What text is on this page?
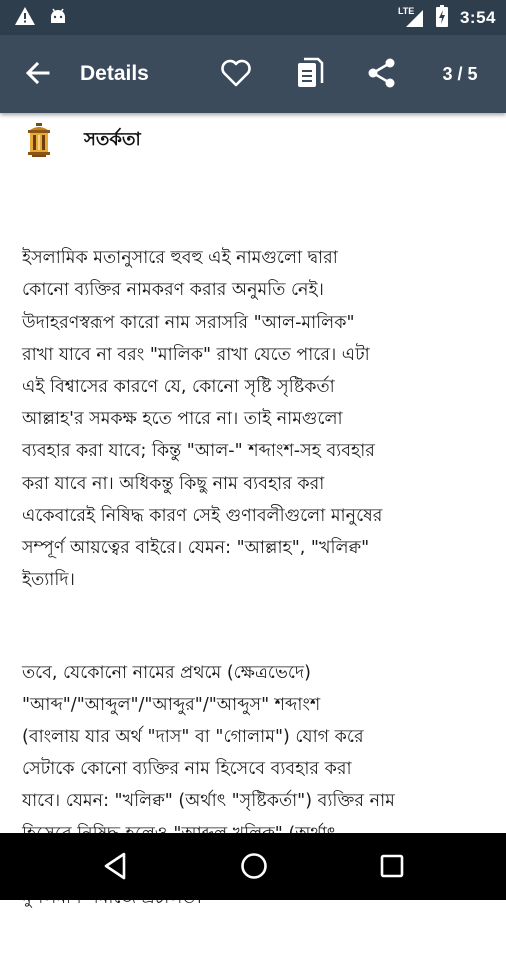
LTE	3:54
Details	3 / 5
সতর্কতা

ইসলামিক মতানুসারে হুবহু এই নামগুলো দ্বারা
কোনো ব্যক্তির নামকরণ করার অনুমতি নেই।
উদাহরণস্বরূপ কারো নাম সরাসরি "আল-মালিক"
রাখা যাবে না বরং "মালিক" রাখা যেতে পারে। এটা
এই বিশ্বাসের কারণে যে, কোনো সৃষ্টি সৃষ্টিকর্তা
আল্লাহ'র সমকক্ষ হতে পারে না। তাই নামগুলো
ব্যবহার করা যাবে; কিন্তু "আল-" শব্দাংশ-সহ ব্যবহার
করা যাবে না। অধিকন্তু কিছু নাম ব্যবহার করা
একেবারেই নিষিদ্ধ কারণ সেই গুণাবলীগুলো মানুষের
সম্পূর্ণ আয়ত্বের বাইরে। যেমন: "আল্লাহ", "খলিক্ব"
ইত্যাদি।

তবে, যেকোনো নামের প্রথমে (ক্ষেত্রভেদে)
"আব্দ"/"আব্দুল"/"আব্দুর"/"আব্দুস" শব্দাংশ
(বাংলায় যার অর্থ "দাস" বা "গোলাম") যোগ করে
সেটাকে কোনো ব্যক্তির নাম হিসেবে ব্যবহার করা
যাবে। যেমন: "খলিক্ব" (অর্থাৎ "সৃষ্টিকর্তা") ব্যক্তির নাম
